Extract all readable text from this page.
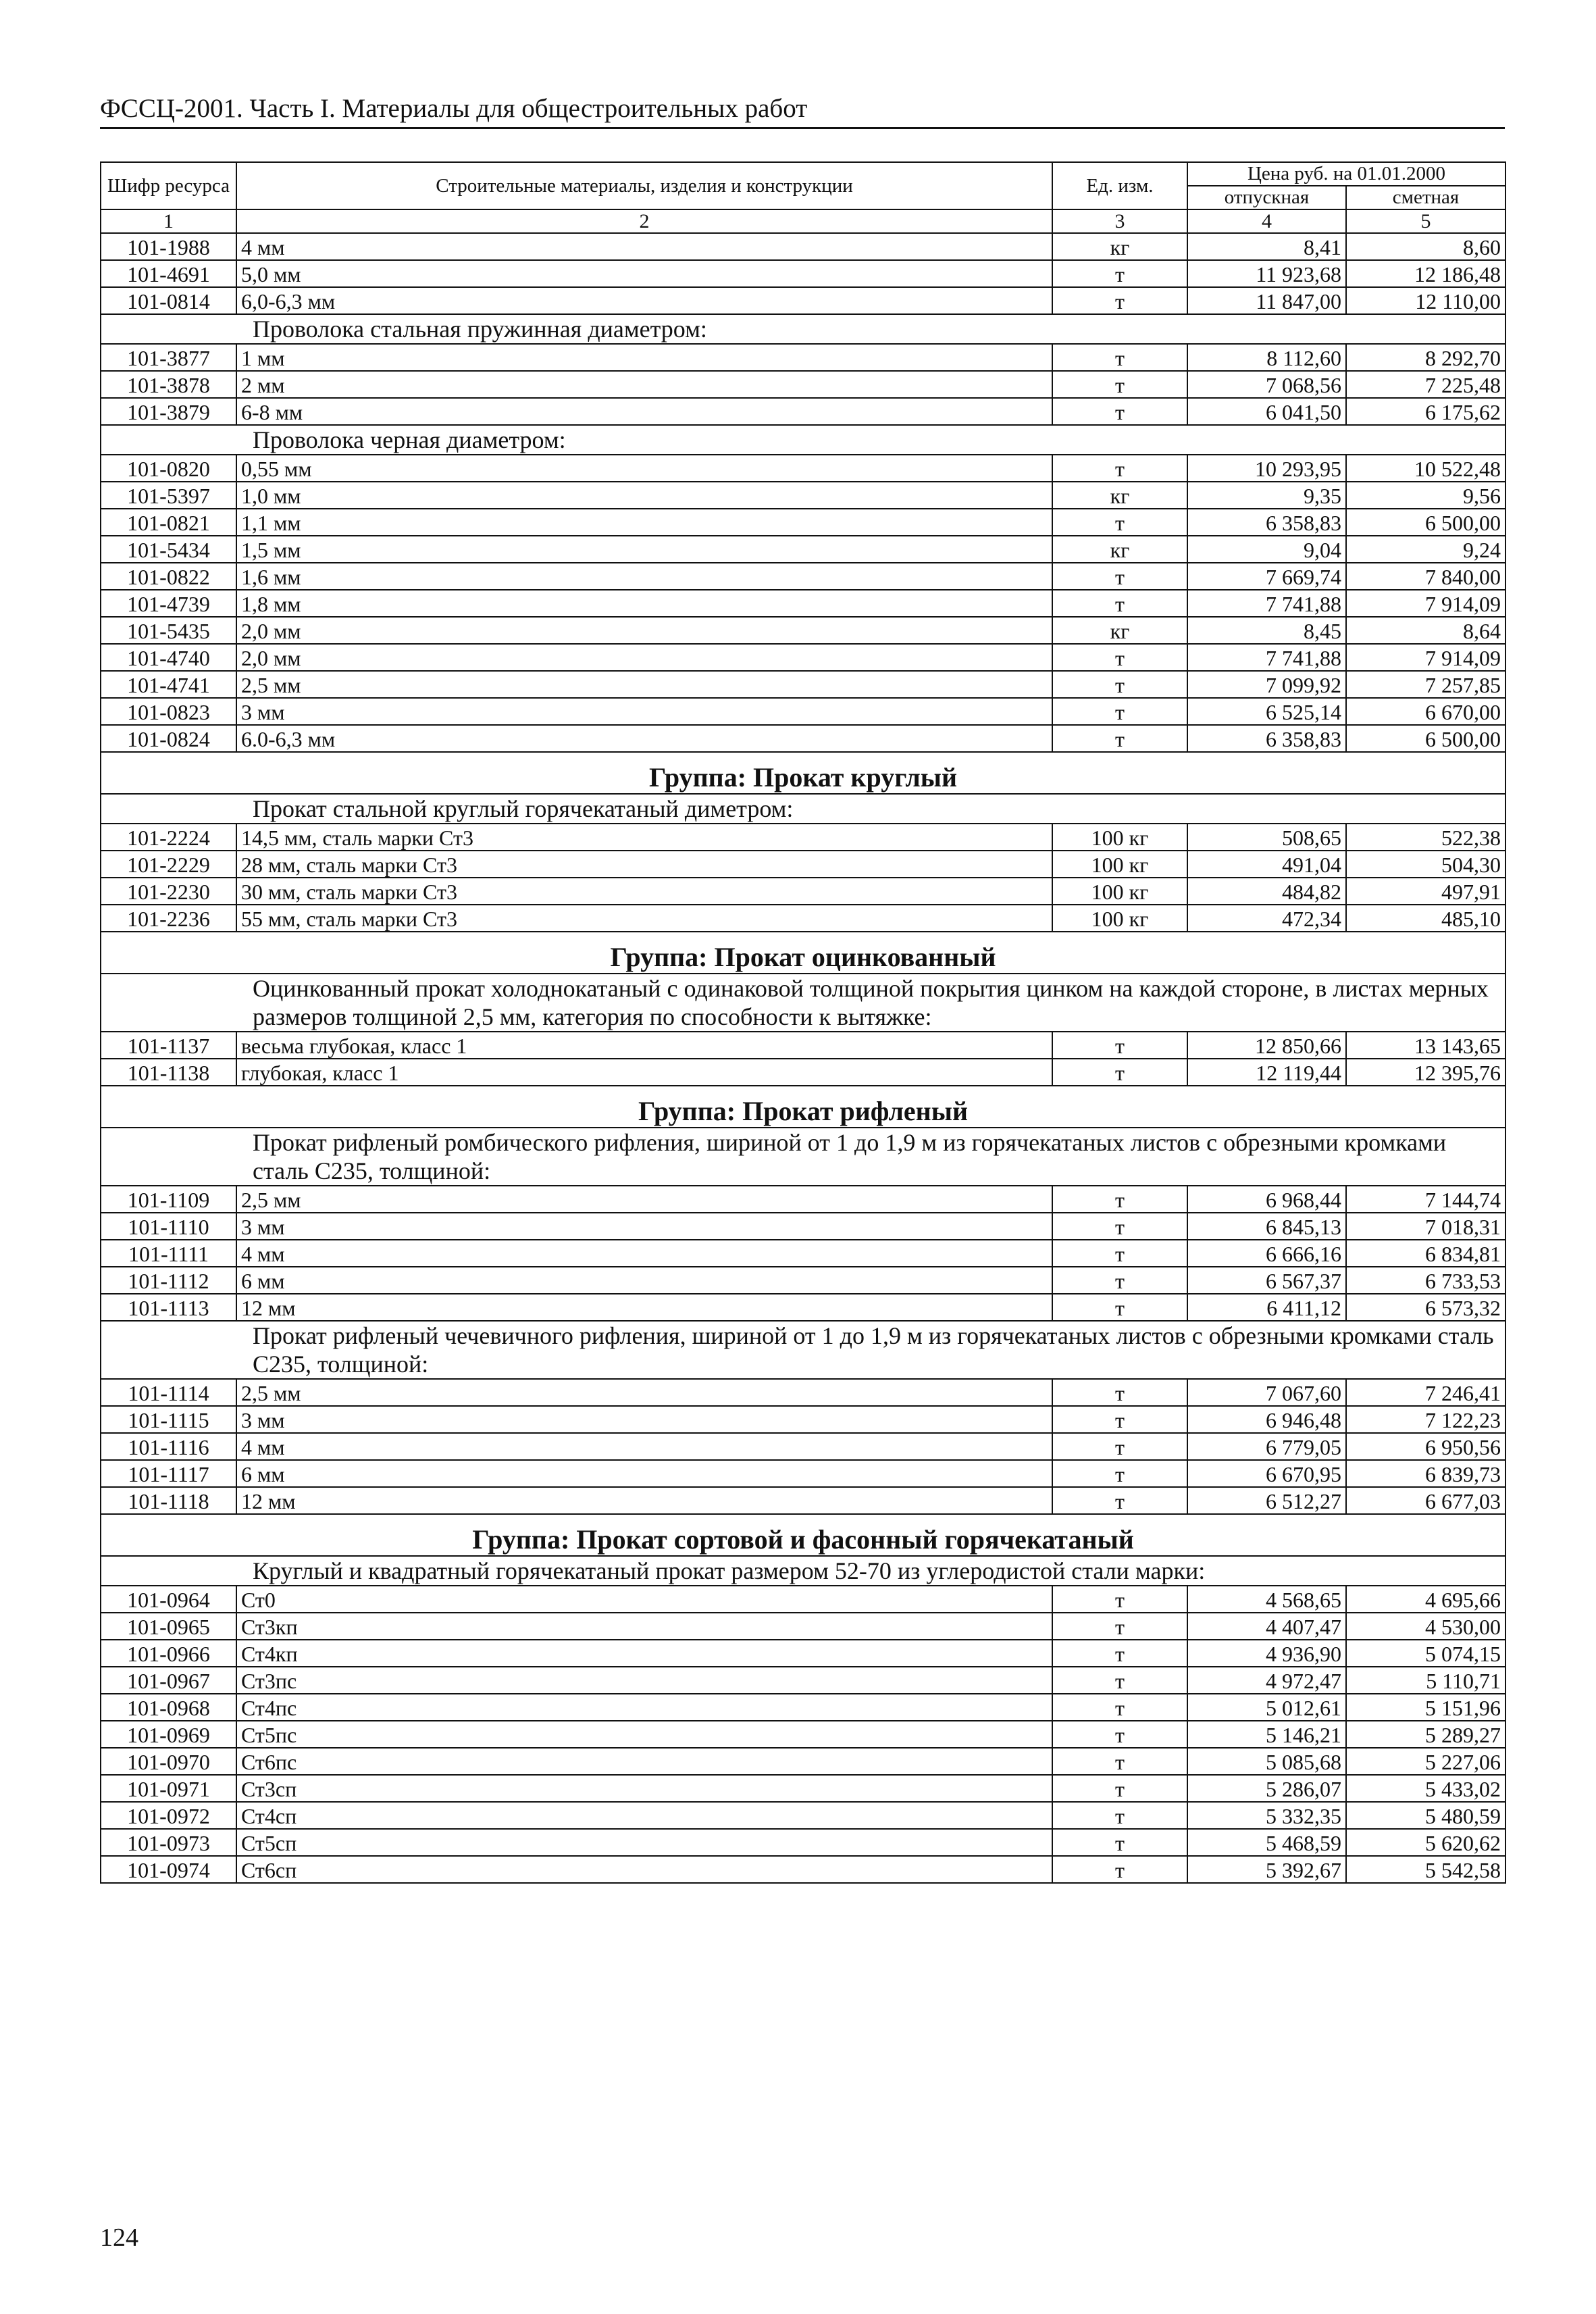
ФССЦ-2001. Часть I. Материалы для общестроительных работ
Шифр ресурса	Строительные материалы, изделия и конструкции	Ед. изм.	Цена руб. на 01.01.2000	
			отпускная	сметная
1	2	3	4	5
101-1988	4 мм	кг	8,41	8,60
101-4691	5,0 мм	т	11 923,68	12 186,48
101-0814	6,0-6,3 мм	т	11 847,00	12 110,00
Проволока стальная пружинная диаметром:				
101-3877	1 мм	т	8 112,60	8 292,70
101-3878	2 мм	т	7 068,56	7 225,48
101-3879	6-8 мм	т	6 041,50	6 175,62
Проволока черная диаметром:				
101-0820	0,55 мм	т	10 293,95	10 522,48
101-5397	1,0 мм	кг	9,35	9,56
101-0821	1,1 мм	т	6 358,83	6 500,00
101-5434	1,5 мм	кг	9,04	9,24
101-0822	1,6 мм	т	7 669,74	7 840,00
101-4739	1,8 мм	т	7 741,88	7 914,09
101-5435	2,0 мм	кг	8,45	8,64
101-4740	2,0 мм	т	7 741,88	7 914,09
101-4741	2,5 мм	т	7 099,92	7 257,85
101-0823	3 мм	т	6 525,14	6 670,00
101-0824	6.0-6,3 мм	т	6 358,83	6 500,00
Группа: Прокат круглый				
Прокат стальной круглый горячекатаный диметром:				
101-2224	14,5 мм, сталь марки Ст3	100 кг	508,65	522,38
101-2229	28 мм, сталь марки Ст3	100 кг	491,04	504,30
101-2230	30 мм, сталь марки Ст3	100 кг	484,82	497,91
101-2236	55 мм, сталь марки Ст3	100 кг	472,34	485,10
Группа: Прокат оцинкованный				
Оцинкованный прокат холоднокатаный с одинаковой толщиной покрытия цинком на каждой стороне, в листах мерных размеров толщиной 2,5 мм, категория по способности к вытяжке:				
101-1137	весьма глубокая, класс 1	т	12 850,66	13 143,65
101-1138	глубокая, класс 1	т	12 119,44	12 395,76
Группа: Прокат рифленый				
Прокат рифленый ромбического рифления, шириной от 1 до 1,9 м из горячекатаных листов с обрезными кромками сталь С235, толщиной:				
101-1109	2,5 мм	т	6 968,44	7 144,74
101-1110	3 мм	т	6 845,13	7 018,31
101-1111	4 мм	т	6 666,16	6 834,81
101-1112	6 мм	т	6 567,37	6 733,53
101-1113	12 мм	т	6 411,12	6 573,32
Прокат рифленый чечевичного рифления, шириной от 1 до 1,9 м из горячекатаных листов с обрезными кромками сталь С235, толщиной:				
101-1114	2,5 мм	т	7 067,60	7 246,41
101-1115	3 мм	т	6 946,48	7 122,23
101-1116	4 мм	т	6 779,05	6 950,56
101-1117	6 мм	т	6 670,95	6 839,73
101-1118	12 мм	т	6 512,27	6 677,03
Группа: Прокат сортовой и фасонный горячекатаный				
Круглый и квадратный горячекатаный прокат размером 52-70 из углеродистой стали марки:				
101-0964	Ст0	т	4 568,65	4 695,66
101-0965	Ст3кп	т	4 407,47	4 530,00
101-0966	Ст4кп	т	4 936,90	5 074,15
101-0967	Ст3пс	т	4 972,47	5 110,71
101-0968	Ст4пс	т	5 012,61	5 151,96
101-0969	Ст5пс	т	5 146,21	5 289,27
101-0970	Ст6пс	т	5 085,68	5 227,06
101-0971	Ст3сп	т	5 286,07	5 433,02
101-0972	Ст4сп	т	5 332,35	5 480,59
101-0973	Ст5сп	т	5 468,59	5 620,62
101-0974	Ст6сп	т	5 392,67	5 542,58
124
